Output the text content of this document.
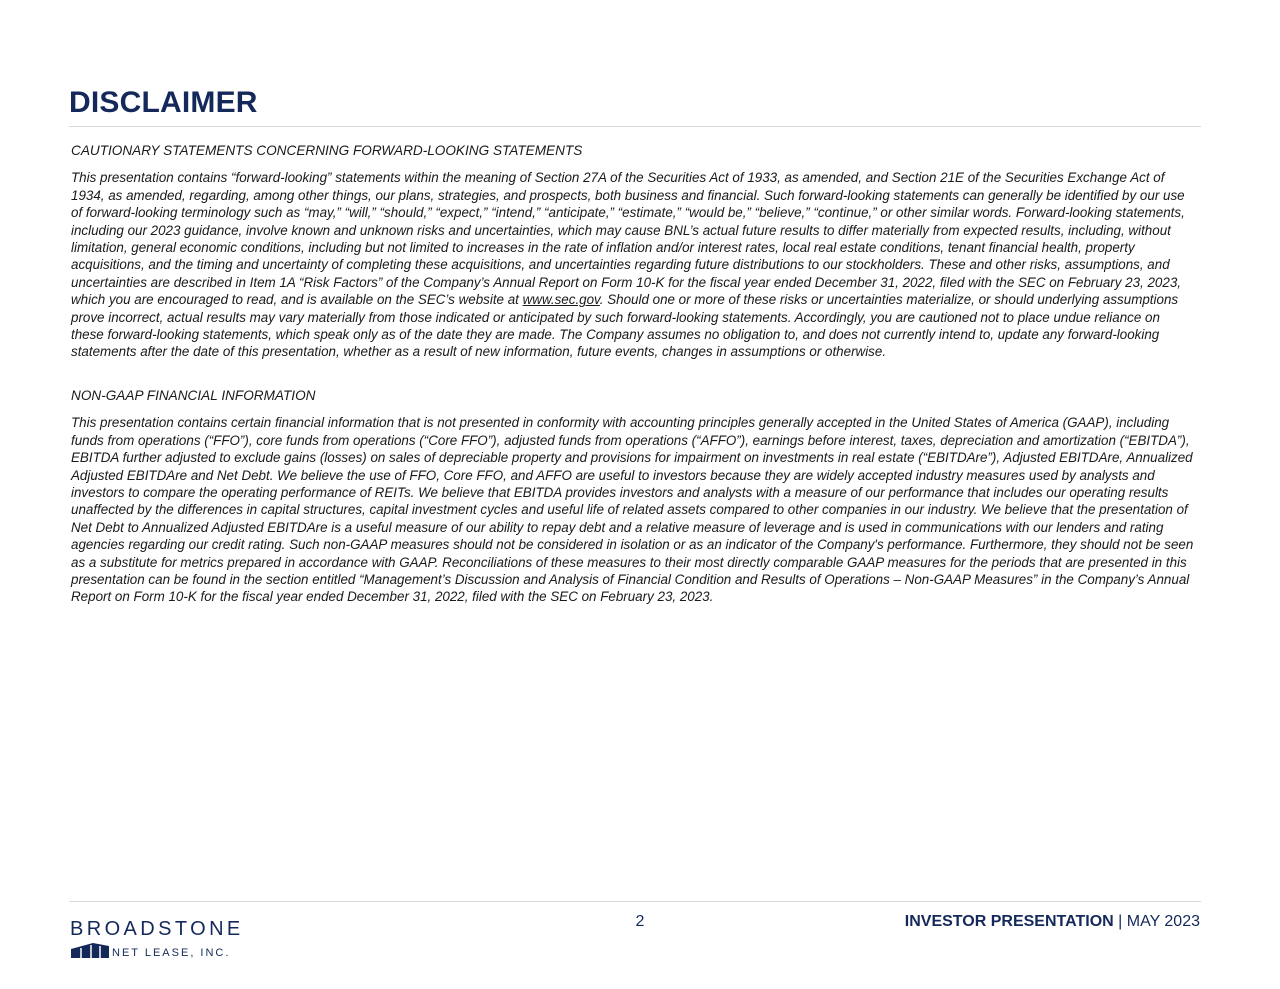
DISCLAIMER

CAUTIONARY STATEMENTS CONCERNING FORWARD-LOOKING STATEMENTS

This presentation contains “forward-looking” statements within the meaning of Section 27A of the Securities Act of 1933, as amended, and Section 21E of the Securities Exchange Act of 1934, as amended, regarding, among other things, our plans, strategies, and prospects, both business and financial. Such forward-looking statements can generally be identified by our use of forward-looking terminology such as “may,” “will,” “should,” “expect,” “intend,” “anticipate,” “estimate,” “would be,” “believe,” “continue,” or other similar words. Forward-looking statements, including our 2023 guidance, involve known and unknown risks and uncertainties, which may cause BNL’s actual future results to differ materially from expected results, including, without limitation, general economic conditions, including but not limited to increases in the rate of inflation and/or interest rates, local real estate conditions, tenant financial health, property acquisitions, and the timing and uncertainty of completing these acquisitions, and uncertainties regarding future distributions to our stockholders. These and other risks, assumptions, and uncertainties are described in Item 1A “Risk Factors” of the Company’s Annual Report on Form 10-K for the fiscal year ended December 31, 2022, filed with the SEC on February 23, 2023, which you are encouraged to read, and is available on the SEC’s website at www.sec.gov. Should one or more of these risks or uncertainties materialize, or should underlying assumptions prove incorrect, actual results may vary materially from those indicated or anticipated by such forward-looking statements. Accordingly, you are cautioned not to place undue reliance on these forward-looking statements, which speak only as of the date they are made. The Company assumes no obligation to, and does not currently intend to, update any forward-looking statements after the date of this presentation, whether as a result of new information, future events, changes in assumptions or otherwise.

NON-GAAP FINANCIAL INFORMATION

This presentation contains certain financial information that is not presented in conformity with accounting principles generally accepted in the United States of America (GAAP), including funds from operations (“FFO”), core funds from operations (“Core FFO”), adjusted funds from operations (“AFFO”), earnings before interest, taxes, depreciation and amortization (“EBITDA”), EBITDA further adjusted to exclude gains (losses) on sales of depreciable property and provisions for impairment on investments in real estate (“EBITDAre”), Adjusted EBITDAre, Annualized Adjusted EBITDAre and Net Debt. We believe the use of FFO, Core FFO, and AFFO are useful to investors because they are widely accepted industry measures used by analysts and investors to compare the operating performance of REITs. We believe that EBITDA provides investors and analysts with a measure of our performance that includes our operating results unaffected by the differences in capital structures, capital investment cycles and useful life of related assets compared to other companies in our industry. We believe that the presentation of Net Debt to Annualized Adjusted EBITDAre is a useful measure of our ability to repay debt and a relative measure of leverage and is used in communications with our lenders and rating agencies regarding our credit rating. Such non-GAAP measures should not be considered in isolation or as an indicator of the Company's performance. Furthermore, they should not be seen as a substitute for metrics prepared in accordance with GAAP. Reconciliations of these measures to their most directly comparable GAAP measures for the periods that are presented in this presentation can be found in the section entitled “Management’s Discussion and Analysis of Financial Condition and Results of Operations – Non-GAAP Measures” in the Company’s Annual Report on Form 10-K for the fiscal year ended December 31, 2022, filed with the SEC on February 23, 2023.

BROADSTONE
NET LEASE, INC.
2	INVESTOR PRESENTATION | MAY 2023
